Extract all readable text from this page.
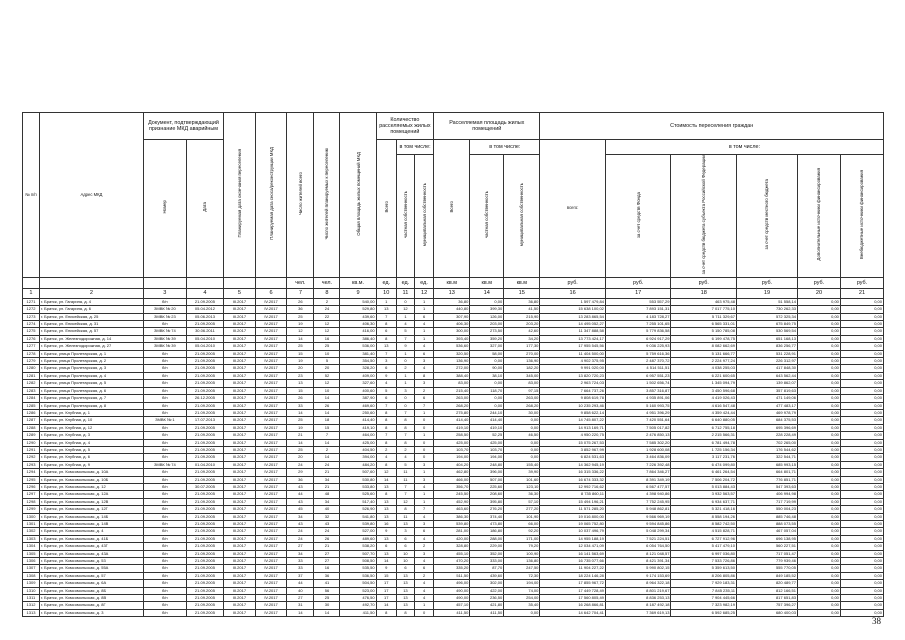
№ п/п	Адрес МКД	Документ, подтверждающий признание МКД аварийным		Планируемая дата окончания переселения	Планируемая дата сноса/реконструкции МКД	Число жителей всего	Число жителей планируемых к переселению	Общая площадь жилых помещений МКД	Количество расселяемых жилых помещений			Расселяемая площадь жилых помещений			Стоимость переселения граждан					
		Номер	Дата						Всего	в том числе:		Всего	в том числе:		всего:	в том числе:				
										частная собственность	муниципальная собственность		частная собственность	муниципальная собственность		за счет средств Фонда	за счет средств бюджета субъекта Российской Федерации	за счет средств местного бюджета	Дополнительные источники финансирования	Внебюджетные источники финансирования
						чел.	чел.	кв.м.	ед.	ед.	ед.	кв.м	кв.м	кв.м	руб.	руб.	руб.	руб.	руб.	руб.
1	2	3	4	5	6	7	8	9	10	11	12	13	14	15	16	17	18	19	20	21
1271	г. Братск, ул. Гагарина, д. 4	б/н	21.09.2005	III.2017	IV.2017	26	2	540,00	1	0	1	36,80	0,00	36,80	1 597 479,84	553 557,29	463 975,48	51 558,14	0,00	0,00
1272	г. Братск, ул. Гагарина, д. 6	ЗМВК № 20	05.04.2012	III.2017	IV.2017	36	24	529,80	13	12	1	440,80	399,30	41,50	15 638 100,02	7 893 151,31	7 017 775,10	730 262,33	0,00	0,00
1273	г. Братск, ул. Енисейская, д. 25	ЗМВК № 23	05.06.2013	III.2017	IV.2017	25	22	439,60	7	1	6	307,90	126,00	215,90	13 283 865,54	4 183 728,27	5 711 329,67	572 325,34	0,00	0,00
1274	г. Братск, ул. Енисейская, д. 31	б/н	21.09.2005	III.2017	IV.2017	19	12	406,30	8	4	4	406,30	203,00	203,20	14 495 052,27	7 255 101,65	6 565 331,01	675 849,75	0,00	0,00
1275	г. Братск, ул. Енисейская, д. 57	ЗМВК № 74	30.06.2011	III.2017	IV.2017	12	12	416,00	6	5	1	300,00	273,50	42,60	11 347 888,58	5 779 836,58	5 150 785,08	530 569,54	0,00	0,00
1276	г. Братск, ул. Железнодорожная, д. 14	ЗМВК № 39	05.04.2010	III.2017	IV.2017	14	16	386,40	8	7	1	393,40	359,20	34,20	13 773 424,17	6 924 917,29	6 199 478,75	651 168,13	0,00	0,00
1277	г. Братск, ул. Железнодорожная, д. 27	ЗМВК № 39	05.04.2010	III.2017	IV.2017	25	25	536,00	13	9	4	536,60	327,00	177,30	17 955 545,56	9 036 225,93	8 082 662,69	836 256,77	0,00	0,00
1278	г. Братск, улица Пролетарская, д. 1	б/н	21.09.2005	III.2017	IV.2017	15	10	381,40	7	1	6	320,50	58,00	270,00	11 404 500,00	5 759 616,36	5 131 666,77	531 228,91	0,00	0,00
1279	г. Братск, улица Пролетарская, д. 2	б/н	21.09.2005	III.2017	IV.2017	19	5	354,50	3	0	3	136,90	0,00	136,90	4 902 375,95	2 487 370,72	2 224 977,24	226 312,97	0,00	0,00
1280	г. Братск, улица Пролетарская, д. 3	б/н	21.09.2005	III.2017	IV.2017	20	20	328,20	6	2	4	272,00	90,00	182,20	9 991 020,00	4 514 511,51	4 038 255,03	417 848,30	0,00	0,00
1281	г. Братск, улица Пролетарская, д. 4	б/н	21.09.2005	III.2017	IV.2017	23	52	409,00	9	1	8	388,40	38,10	345,00	13 820 720,23	6 957 551,23	6 221 600,65	643 562,44	0,00	0,00
1282	г. Братск, улица Пролетарская, д. 5	б/н	21.09.2005	III.2017	IV.2017	13	12	327,60	4	1	3	83,00	0,00	83,00	2 963 724,03	1 502 656,74	1 345 094,79	139 862,07	0,00	0,00
1283	г. Братск, улица Пролетарская, д. 6	б/н	21.09.2005	III.2017	IV.2017	15	10	400,60	5	3	2	215,40	118,70	97,15	7 664 737,26	3 857 316,87	3 450 596,68	357 819,63	0,00	0,00
1284	г. Братск, улица Пролетарская, д. 7	б/н	26.12.2005	III.2017	IV.2017	26	14	387,90	6	0	6	263,00	0,00	263,00	9 808 619,78	4 935 891,06	4 419 026,43	471 149,06	0,00	0,00
1285	г. Братск, улица Пролетарская, д. 8	б/н	21.09.2005	III.2017	IV.2017	33	26	469,60	7	0	7	268,20	0,00	268,20	10 235 293,46	5 160 993,75	4 616 547,48	477 483,17	0,00	0,00
1286	г. Братск, ул. Клубная, д. 1	б/н	21.09.2005	III.2017	IV.2017	14	14	250,60	8	7	1	275,80	244,10	30,00	9 858 622,14	4 951 396,29	4 359 424,44	469 978,79	0,00	0,00
1287	г. Братск, ул. Клубная, д. 10	ЗМВК № 1	17.07.2013	III.2017	IV.2017	25	18	414,40	8	8	0	414,40	414,40	0,00	14 745 807,22	7 420 551,64	6 640 880,05	684 375,53	0,00	0,00
1288	г. Братск, ул. Клубная, д. 12	б/н	21.09.2005	III.2017	IV.2017	19	15	419,10	8	8	0	419,10	419,10	0,00	14 913 169,71	7 505 017,82	6 712 755,18	695 396,69	0,00	0,00
1289	г. Братск, ул. Клубная, д. 3	б/н	21.09.2005	III.2017	IV.2017	21	7	464,00	7	7	1	258,50	52,25	46,50	4 950 220,75	2 476 850,13	2 215 566,31	228 228,49	0,00	0,00
1290	г. Братск, ул. Клубная, д. 4	б/н	21.09.2005	III.2017	IV.2017	14	14	425,00	8	8	0	425,00	425,00	0,00	15 075 267,53	7 585 302,20	6 781 494,78	702 265,00	0,00	0,00
1291	г. Братск, ул. Клубная, д. 5	б/н	21.09.2005	III.2017	IV.2017	25	2	404,50	2	2	0	103,70	103,70	0,00	3 852 967,99	1 928 600,08	1 725 156,34	176 544,62	0,00	0,00
1292	г. Братск, ул. Клубная, д. 6	б/н	21.09.2005	III.2017	IV.2017	20	14	394,00	4	4	0	194,00	194,00	0,00	6 824 531,63	3 464 836,09	3 117 231,76	322 544,71	0,00	0,00
1293	г. Братск, ул. Клубная, д. 9	ЗМВК № 74	01.04.2010	III.2017	IV.2017	24	24	484,20	8	5	3	404,20	248,80	155,40	14 362 945,19	7 226 392,48	6 474 099,80	685 993,15	0,00	0,00
1294	г. Братск, ул. Комсомольская, д. 10А	б/н	21.09.2005	III.2017	IV.2017	29	21	507,60	12	11	1	462,80	396,00	39,90	16 315 336,22	7 864 346,27	6 461 264,54	664 801,71	0,00	0,00
1295	г. Братск, ул. Комсомольская, д. 10Б	б/н	21.09.2005	III.2017	IV.2017	36	34	530,80	14	11	3	466,00	507,00	101,60	16 674 333,32	8 391 349,19	7 506 204,72	776 851,71	0,00	0,00
1296	г. Братск, ул. Комсомольская, д. 12	б/н	30.07.2005	III.2017	IV.2017	43	21	533,80	13	7	4	356,70	225,60	123,10	12 992 716,62	6 567 477,57	5 013 884,43	547 393,63	0,00	0,00
1297	г. Братск, ул. Комсомольская, д. 12А	б/н	21.09.2005	III.2017	IV.2017	44	48	525,60	8	7	1	245,50	208,60	36,30	8 735 860,11	4 398 940,86	3 932 563,57	406 994,98	0,00	0,00
1298	г. Братск, ул. Комсомольская, д. 12В	б/н	21.09.2005	III.2017	IV.2017	43	34	517,40	13	12	1	452,90	395,80	57,10	15 494 196,21	7 752 245,95	6 934 637,71	717 719,99	0,00	0,00
1299	г. Братск, ул. Комсомольская, д. 12Г	б/н	21.09.2005	III.2017	IV.2017	45	40	526,90	13	8	7	463,60	276,20	277,20	11 571 285,20	5 948 862,81	5 321 418,16	550 004,23	0,00	0,00
1300	г. Братск, ул. Комсомольская, д. 14Б	б/н	21.09.2005	III.2017	IV.2017	34	32	541,80	13	11	4	386,30	374,40	101,90	19 016 800,00	9 566 969,19	8 558 194,26	885 746,48	0,00	0,00
1301	г. Братск, ул. Комсомольская, д. 14В	б/н	21.09.2005	III.2017	IV.2017	43	43	539,80	16	13	3	539,80	473,80	66,00	19 065 752,80	9 594 845,86	8 582 742,50	888 073,55	0,00	0,00
1302	г. Братск, ул. Комсомольская, д. 4	б/н	21.09.2005	III.2017	IV.2017	24	24	527,00	9	3	6	281,00	186,80	92,20	10 037 496,79	5 048 299,34	4 515 828,71	467 057,04	0,00	0,00
1303	г. Братск, ул. Комсомольская, д. 41Б	б/н	21.09.2005	III.2017	IV.2017	24	26	489,60	13	6	4	420,00	288,00	171,00	14 955 188,19	7 521 224,51	6 727 912,96	696 138,95	0,00	0,00
1304	г. Братск, ул. Комсомольская, д. 43Г	б/н	21.09.2005	III.2017	IV.2017	27	21	538,20	6	6	2	328,80	229,00	79,20	12 034 471,09	6 054 764,50	5 417 479,10	560 227,51	0,00	0,00
1305	г. Братск, ул. Комсомольская, д. 43А	б/н	21.09.2005	III.2017	IV.2017	34	27	507,70	13	10	3	455,10	352,00	100,90	16 141 563,69	8 121 048,57	6 997 036,80	717 051,47	0,00	0,00
1306	г. Братск, ул. Комсомольская, д. 53	б/н	21.09.2005	III.2017	IV.2017	33	27	508,50	14	10	4	470,20	333,00	136,80	16 735 077,66	8 421 391,34	7 533 726,86	779 939,46	0,00	0,00
1307	г. Братск, ул. Комсомольская, д. 55А	б/н	21.09.2005	III.2017	IV.2017	33	16	535,50	9	6	6	335,20	87,70	247,50	11 904 227,22	5 990 802,15	5 359 613,50	555 770,05	0,00	0,00
1308	г. Братск, ул. Комсомольская, д. 57	б/н	21.09.2005	III.2017	IV.2017	37	36	536,50	15	13	2	511,50	439,60	72,30	18 224 146,28	9 174 153,69	8 206 805,86	849 185,52	0,00	0,00
1309	г. Братск, ул. Комсомольская, д. 6А	б/н	21.09.2005	III.2017	IV.2017	44	41	504,50	17	13	4	496,00	302,00	194,00	17 855 967,72	8 964 322,18	7 929 183,31	820 489,77	0,00	0,00
1310	г. Братск, ул. Комсомольская, д. 8Б	б/н	21.09.2005	III.2017	IV.2017	40	56	523,00	17	13	4	490,00	422,00	74,00	17 449 728,49	8 801 219,67	7 845 235,11	812 166,51	0,00	0,00
1311	г. Братск, ул. Комсомольская, д. 8В	б/н	21.09.2005	III.2017	IV.2017	27	25	476,50	17	13	4	490,00	236,50	254,00	17 560 805,49	8 836 253,13	7 904 445,66	817 651,83	0,00	0,00
1312	г. Братск, ул. Комсомольская, д. 8Г	б/н	21.09.2005	III.2017	IV.2017	31	30	492,70	14	13	1	457,10	421,80	35,40	16 268 866,81	8 187 492,18	7 323 982,19	757 396,27	0,00	0,00
1313	г. Братск, ул. Комсомольская, д. 3	б/н	21.09.2005	III.2017	IV.2017	14	14	411,50	8	8	0	411,50	411,50	0,00	14 642 704,41	7 369 619,13	6 592 685,25	680 400,03	0,00	0,00
38
